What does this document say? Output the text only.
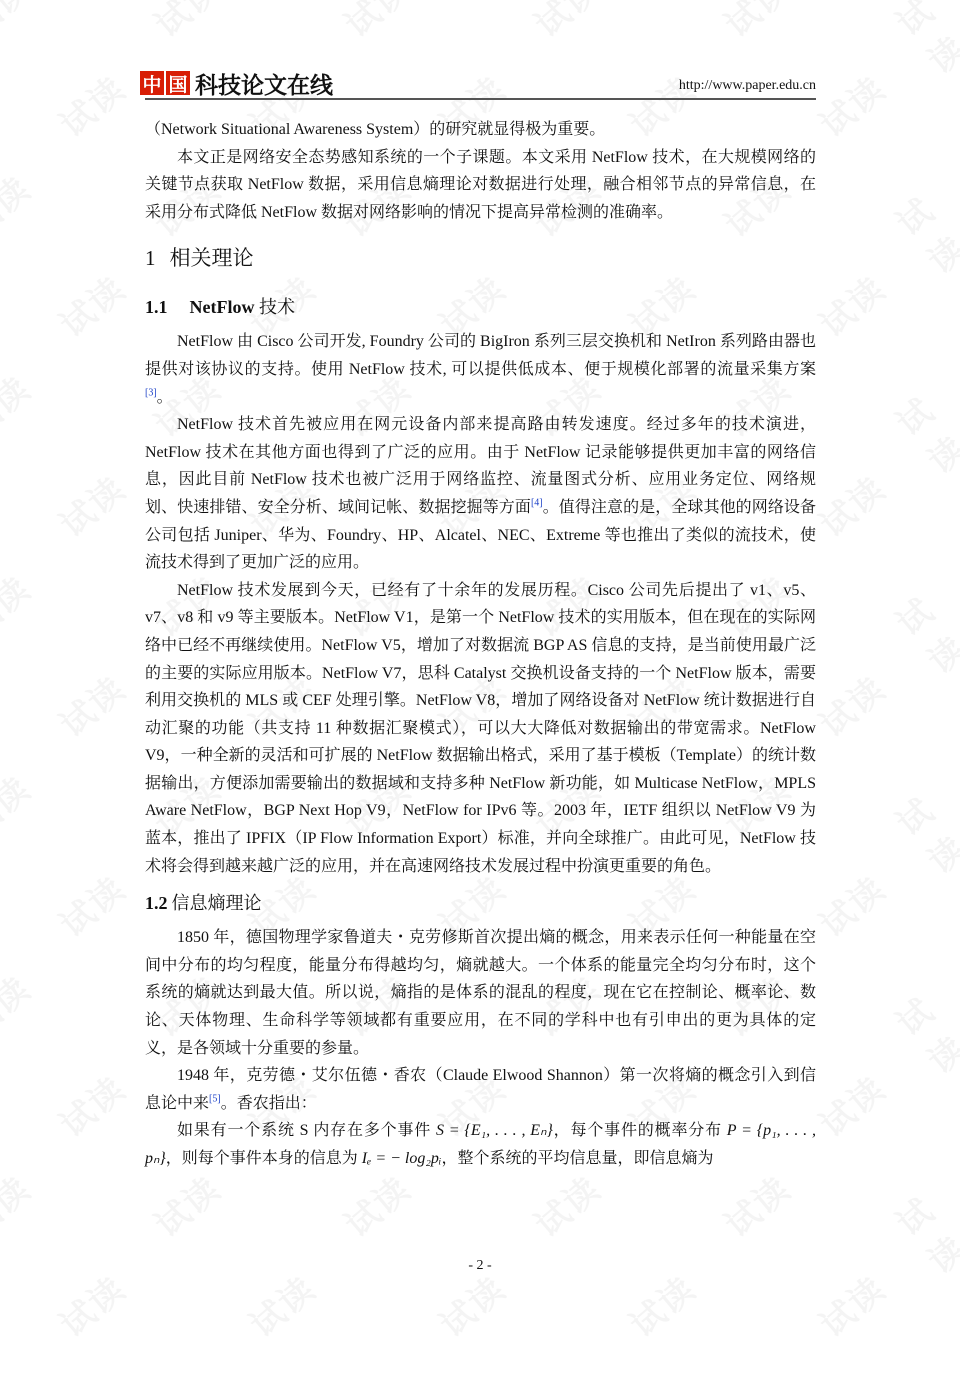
中 国 科技论文在线	http://www.paper.edu.cn

（Network Situational Awareness System）的研究就显得极为重要。

本文正是网络安全态势感知系统的一个子课题。本文采用 NetFlow 技术，在大规模网络的关键节点获取 NetFlow 数据，采用信息熵理论对数据进行处理，融合相邻节点的异常信息，在采用分布式降低 NetFlow 数据对网络影响的情况下提高异常检测的准确率。

1 相关理论
1.1 NetFlow 技术

NetFlow 由 Cisco 公司开发, Foundry 公司的 BigIron 系列三层交换机和 NetIron 系列路由器也提供对该协议的支持。使用 NetFlow 技术, 可以提供低成本、便于规模化部署的流量采集方案[3]。

NetFlow 技术首先被应用在网元设备内部来提高路由转发速度。经过多年的技术演进，NetFlow 技术在其他方面也得到了广泛的应用。由于 NetFlow 记录能够提供更加丰富的网络信息，因此目前 NetFlow 技术也被广泛用于网络监控、流量图式分析、应用业务定位、网络规划、快速排错、安全分析、域间记帐、数据挖掘等方面[4]。值得注意的是，全球其他的网络设备公司包括 Juniper、华为、Foundry、HP、Alcatel、NEC、Extreme 等也推出了类似的流技术，使流技术得到了更加广泛的应用。

NetFlow 技术发展到今天，已经有了十余年的发展历程。Cisco 公司先后提出了 v1、v5、v7、v8 和 v9 等主要版本。NetFlow V1，是第一个 NetFlow 技术的实用版本，但在现在的实际网络中已经不再继续使用。NetFlow V5，增加了对数据流 BGP AS 信息的支持，是当前使用最广泛的主要的实际应用版本。NetFlow V7，思科 Catalyst 交换机设备支持的一个 NetFlow 版本，需要利用交换机的 MLS 或 CEF 处理引擎。NetFlow V8，增加了网络设备对 NetFlow 统计数据进行自动汇聚的功能（共支持 11 种数据汇聚模式），可以大大降低对数据输出的带宽需求。NetFlow V9，一种全新的灵活和可扩展的 NetFlow 数据输出格式，采用了基于模板（Template）的统计数据输出，方便添加需要输出的数据域和支持多种 NetFlow 新功能，如 Multicase NetFlow，MPLS Aware NetFlow，BGP Next Hop V9，NetFlow for IPv6 等。2003 年，IETF 组织以 NetFlow V9 为蓝本，推出了 IPFIX（IP Flow Information Export）标准，并向全球推广。由此可见，NetFlow 技术将会得到越来越广泛的应用，并在高速网络技术发展过程中扮演更重要的角色。

1.2 信息熵理论

1850 年，德国物理学家鲁道夫・克劳修斯首次提出熵的概念，用来表示任何一种能量在空间中分布的均匀程度，能量分布得越均匀，熵就越大。一个体系的能量完全均匀分布时，这个系统的熵就达到最大值。所以说，熵指的是体系的混乱的程度，现在它在控制论、概率论、数论、天体物理、生命科学等领域都有重要应用，在不同的学科中也有引申出的更为具体的定义，是各领域十分重要的参量。

1948 年，克劳德・艾尔伍德・香农（Claude Elwood Shannon）第一次将熵的概念引入到信息论中来[5]。香农指出：

如果有一个系统 S 内存在多个事件 S = {E₁, . . . , Eₙ}，每个事件的概率分布 P = {p₁, . . . , pₙ}，则每个事件本身的信息为 Iₑ = − log₂pᵢ，整个系统的平均信息量，即信息熵为

- 2 -
